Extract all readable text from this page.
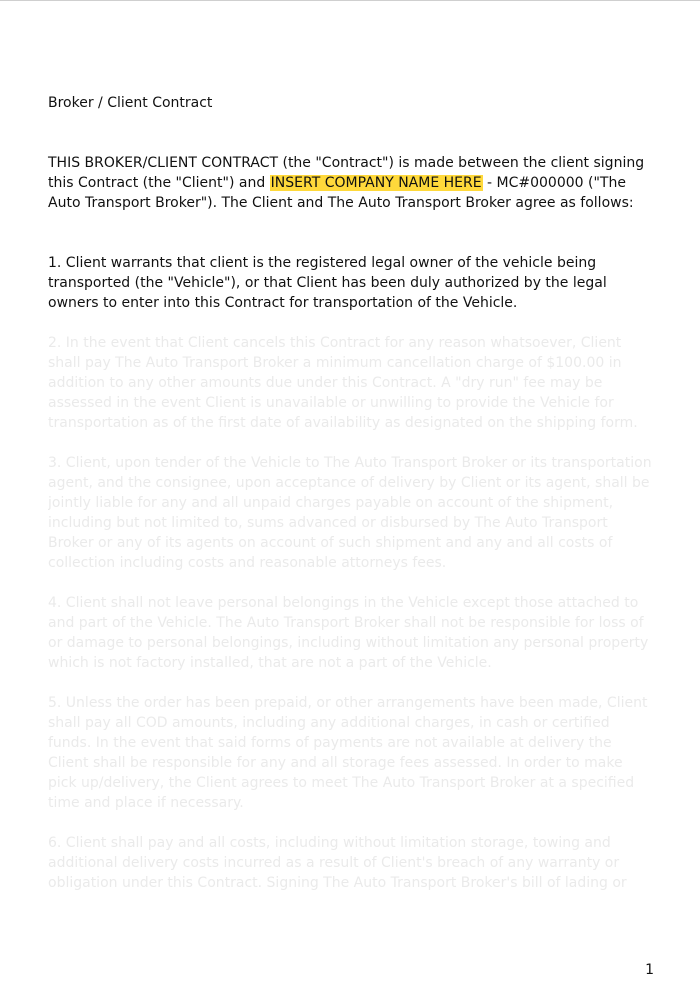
Broker / Client Contract

THIS BROKER/CLIENT CONTRACT (the "Contract") is made between the client signing this Contract (the "Client") and INSERT COMPANY NAME HERE - MC#000000 ("The Auto Transport Broker"). The Client and The Auto Transport Broker agree as follows:

1. Client warrants that client is the registered legal owner of the vehicle being transported (the "Vehicle"), or that Client has been duly authorized by the legal owners to enter into this Contract for transportation of the Vehicle.

2. In the event that Client cancels this Contract for any reason whatsoever, Client shall pay The Auto Transport Broker a minimum cancellation charge of $100.00 in addition to any other amounts due under this Contract. A "dry run" fee may be assessed in the event Client is unavailable or unwilling to provide the Vehicle for transportation as of the first date of availability as designated on the shipping form.

3. Client, upon tender of the Vehicle to The Auto Transport Broker or its transportation agent, and the consignee, upon acceptance of delivery by Client or its agent, shall be jointly liable for any and all unpaid charges payable on account of the shipment, including but not limited to, sums advanced or disbursed by The Auto Transport Broker or any of its agents on account of such shipment and any and all costs of collection including costs and reasonable attorneys fees.

4. Client shall not leave personal belongings in the Vehicle except those attached to and part of the Vehicle. The Auto Transport Broker shall not be responsible for loss of or damage to personal belongings, including without limitation any personal property which is not factory installed, that are not a part of the Vehicle.

5. Unless the order has been prepaid, or other arrangements have been made, Client shall pay all COD amounts, including any additional charges, in cash or certified funds. In the event that said forms of payments are not available at delivery the Client shall be responsible for any and all storage fees assessed. In order to make pick up/delivery, the Client agrees to meet The Auto Transport Broker at a specified time and place if necessary.

6. Client shall pay and all costs, including without limitation storage, towing and additional delivery costs incurred as a result of Client's breach of any warranty or obligation under this Contract. Signing The Auto Transport Broker's bill of lading or

1
